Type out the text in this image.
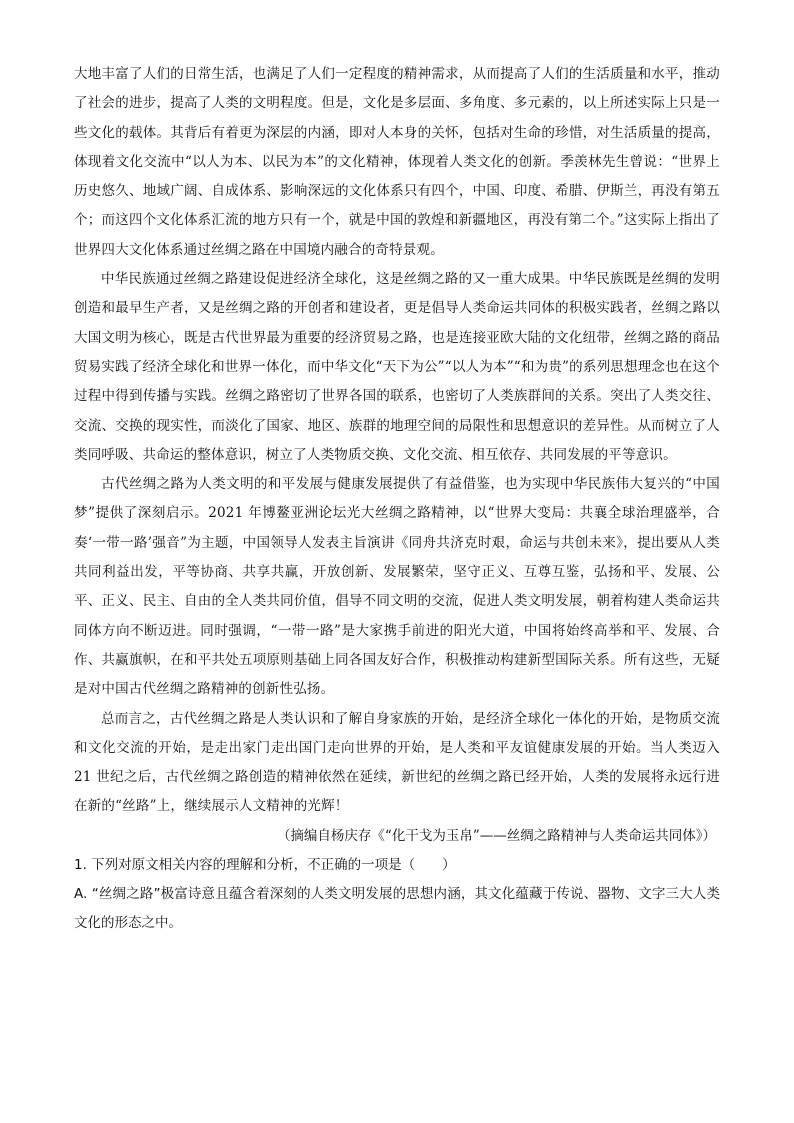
大地丰富了人们的日常生活，也满足了人们一定程度的精神需求，从而提高了人们的生活质量和水平，推动了社会的进步，提高了人类的文明程度。但是，文化是多层面、多角度、多元素的，以上所述实际上只是一些文化的载体。其背后有着更为深层的内涵，即对人本身的关怀，包括对生命的珍惜，对生活质量的提高，体现着文化交流中“以人为本、以民为本”的文化精神，体现着人类文化的创新。季羡林先生曾说：“世界上历史悠久、地域广阔、自成体系、影响深远的文化体系只有四个，中国、印度、希腊、伊斯兰，再没有第五个；而这四个文化体系汇流的地方只有一个，就是中国的敦煌和新疆地区，再没有第二个。”这实际上指出了世界四大文化体系通过丝绸之路在中国境内融合的奇特景观。

中华民族通过丝绸之路建设促进经济全球化，这是丝绸之路的又一重大成果。中华民族既是丝绸的发明创造和最早生产者，又是丝绸之路的开创者和建设者，更是倡导人类命运共同体的积极实践者，丝绸之路以大国文明为核心，既是古代世界最为重要的经济贸易之路，也是连接亚欧大陆的文化纽带，丝绸之路的商品贸易实践了经济全球化和世界一体化，而中华文化“天下为公”“以人为本”“和为贵”的系列思想理念也在这个过程中得到传播与实践。丝绸之路密切了世界各国的联系，也密切了人类族群间的关系。突出了人类交往、交流、交换的现实性，而淡化了国家、地区、族群的地理空间的局限性和思想意识的差异性。从而树立了人类同呼吸、共命运的整体意识，树立了人类物质交换、文化交流、相互依存、共同发展的平等意识。

古代丝绸之路为人类文明的和平发展与健康发展提供了有益借鉴，也为实现中华民族伟大复兴的“中国梦”提供了深刻启示。2021 年博鳌亚洲论坛光大丝绸之路精神，以“世界大变局：共襄全球治理盛举，合奏‘一带一路’强音”为主题，中国领导人发表主旨演讲《同舟共济克时艰，命运与共创未来》，提出要从人类共同利益出发，平等协商、共享共赢，开放创新、发展繁荣，坚守正义、互尊互鉴，弘扬和平、发展、公平、正义、民主、自由的全人类共同价值，倡导不同文明的交流，促进人类文明发展，朝着构建人类命运共同体方向不断迈进。同时强调，“一带一路”是大家携手前进的阳光大道，中国将始终高举和平、发展、合作、共赢旗帜，在和平共处五项原则基础上同各国友好合作，积极推动构建新型国际关系。所有这些，无疑是对中国古代丝绸之路精神的创新性弘扬。

总而言之，古代丝绸之路是人类认识和了解自身家族的开始，是经济全球化一体化的开始，是物质交流和文化交流的开始，是走出家门走出国门走向世界的开始，是人类和平友谊健康发展的开始。当人类迈入 21 世纪之后，古代丝绸之路创造的精神依然在延续，新世纪的丝绸之路已经开始，人类的发展将永远行进在新的“丝路”上，继续展示人文精神的光辉！

（摘编自杨庆存《“化干戈为玉帛”——丝绸之路精神与人类命运共同体》）

1. 下列对原文相关内容的理解和分析，不正确的一项是（　　）

A. “丝绸之路”极富诗意且蕴含着深刻的人类文明发展的思想内涵，其文化蕴藏于传说、器物、文字三大人类文化的形态之中。
